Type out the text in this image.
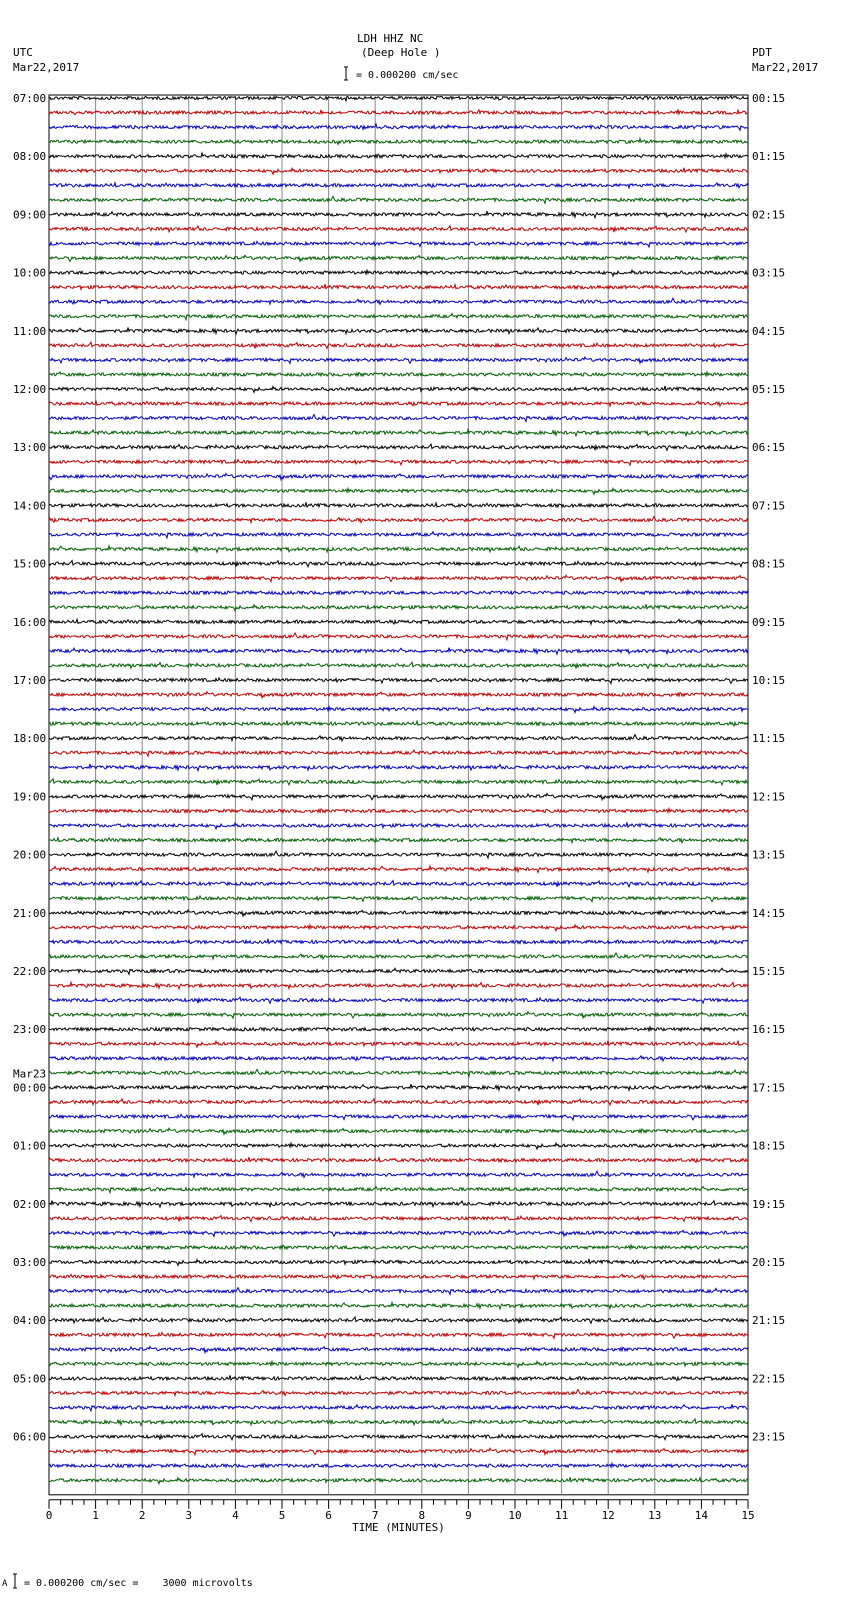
LDH HHZ NC
(Deep Hole )
UTC
Mar22,2017
PDT
Mar22,2017
= 0.000200 cm/sec
A = 0.000200 cm/sec =    3000 microvolts
07:00	00:15
08:00	01:15
09:00	02:15
10:00	03:15
11:00	04:15
12:00	05:15
13:00	06:15
14:00	07:15
15:00	08:15
16:00	09:15
17:00	10:15
18:00	11:15
19:00	12:15
20:00	13:15
21:00	14:15
22:00	15:15
23:00	16:15
00:00	17:15
01:00	18:15
02:00	19:15
03:00	20:15
04:00	21:15
05:00	22:15
06:00	23:15
Mar23
0	1	2	3	4	5	6	7	8	9	10	11	12	13	14	15
TIME (MINUTES)
